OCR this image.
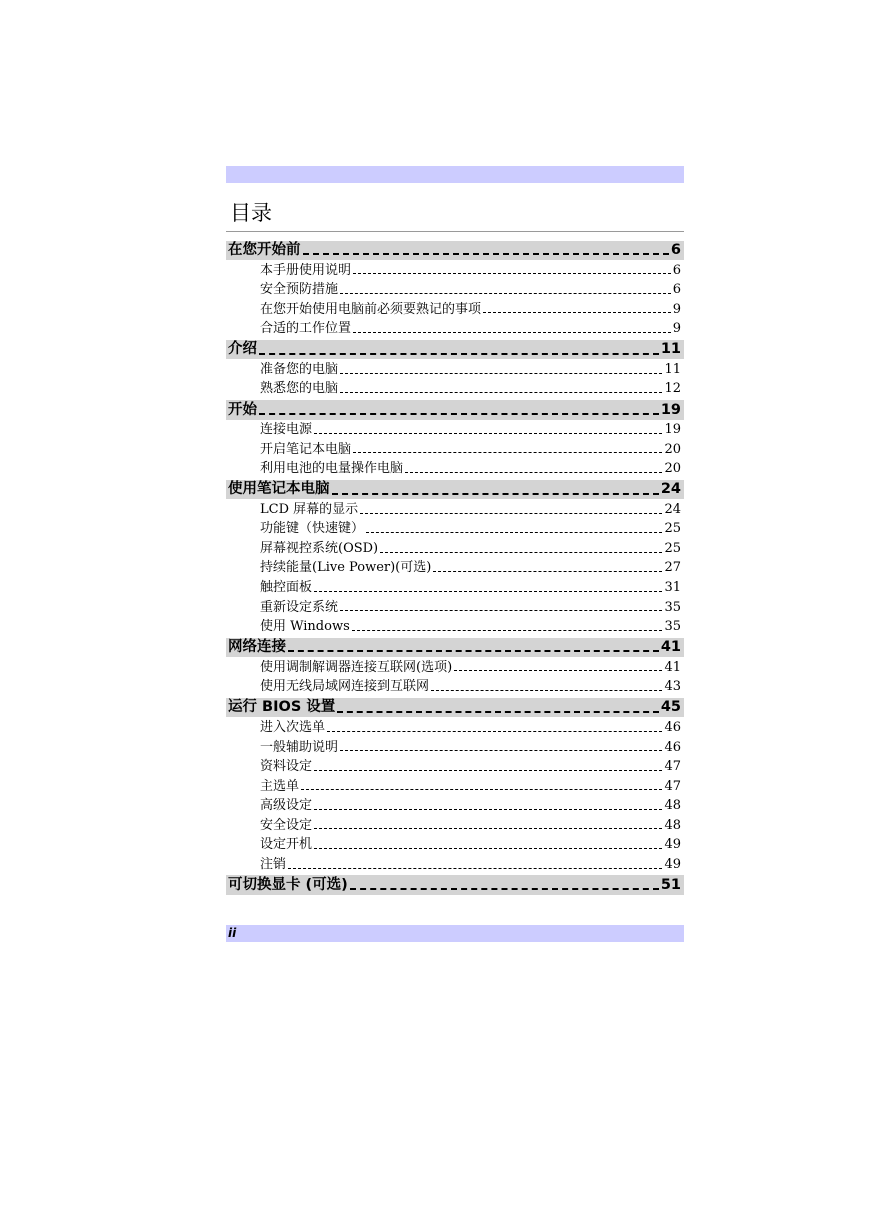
目录
在您开始前	6
本手册使用说明	6
安全预防措施	6
在您开始使用电脑前必须要熟记的事项	9
合适的工作位置	9
介绍	11
准备您的电脑	11
熟悉您的电脑	12
开始	19
连接电源	19
开启笔记本电脑	20
利用电池的电量操作电脑	20
使用笔记本电脑	24
LCD 屏幕的显示	24
功能键（快速键）	25
屏幕视控系统(OSD)	25
持续能量(Live Power)(可选)	27
触控面板	31
重新设定系统	35
使用 Windows	35
网络连接	41
使用调制解调器连接互联网(选项)	41
使用无线局域网连接到互联网	43
运行 BIOS 设置	45
进入次选单	46
一般辅助说明	46
资料设定	47
主选单	47
高级设定	48
安全设定	48
设定开机	49
注销	49
可切换显卡 (可选)	51
ii
